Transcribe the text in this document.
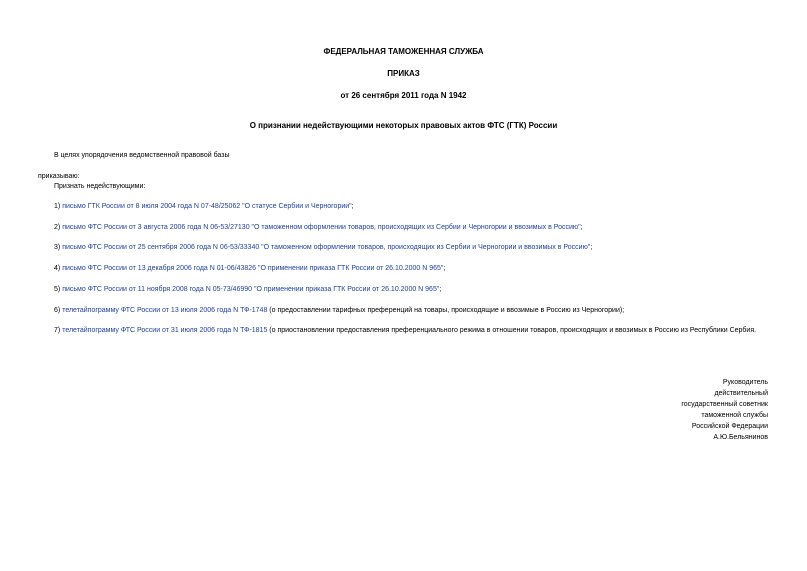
ФЕДЕРАЛЬНАЯ ТАМОЖЕННАЯ СЛУЖБА
ПРИКАЗ
от 26 сентября 2011 года N 1942
О признании недействующими некоторых правовых актов ФТС (ГТК) России
В целях упорядочения ведомственной правовой базы
приказываю:
Признать недействующими:
1) письмо ГТК России от 8 июля 2004 года N 07-48/25062 "О статусе Сербии и Черногории";
2) письмо ФТС России от 3 августа 2006 года N 06-53/27130 "О таможенном оформлении товаров, происходящих из Сербии и Черногории и ввозимых в Россию";
3) письмо ФТС России от 25 сентября 2006 года N 06-53/33340 "О таможенном оформлении товаров, происходящих из Сербии и Черногории и ввозимых в Россию";
4) письмо ФТС России от 13 декабря 2006 года N 01-06/43826 "О применении приказа ГТК России от 26.10.2000 N 965";
5) письмо ФТС России от 11 ноября 2008 года N 05-73/46990 "О применении приказа ГТК России от 26.10.2000 N 965";
6) телетайпограмму ФТС России от 13 июля 2006 года N ТФ-1748 (о предоставлении тарифных преференций на товары, происходящие и ввозимые в Россию из Черногории);
7) телетайпограмму ФТС России от 31 июля 2006 года N ТФ-1815 (о приостановлении предоставления преференциального режима в отношении товаров, происходящих и ввозимых в Россию из Республики Сербия.
Руководитель
действительный
государственный советник
таможенной службы
Российской Федерации
А.Ю.Бельянинов
